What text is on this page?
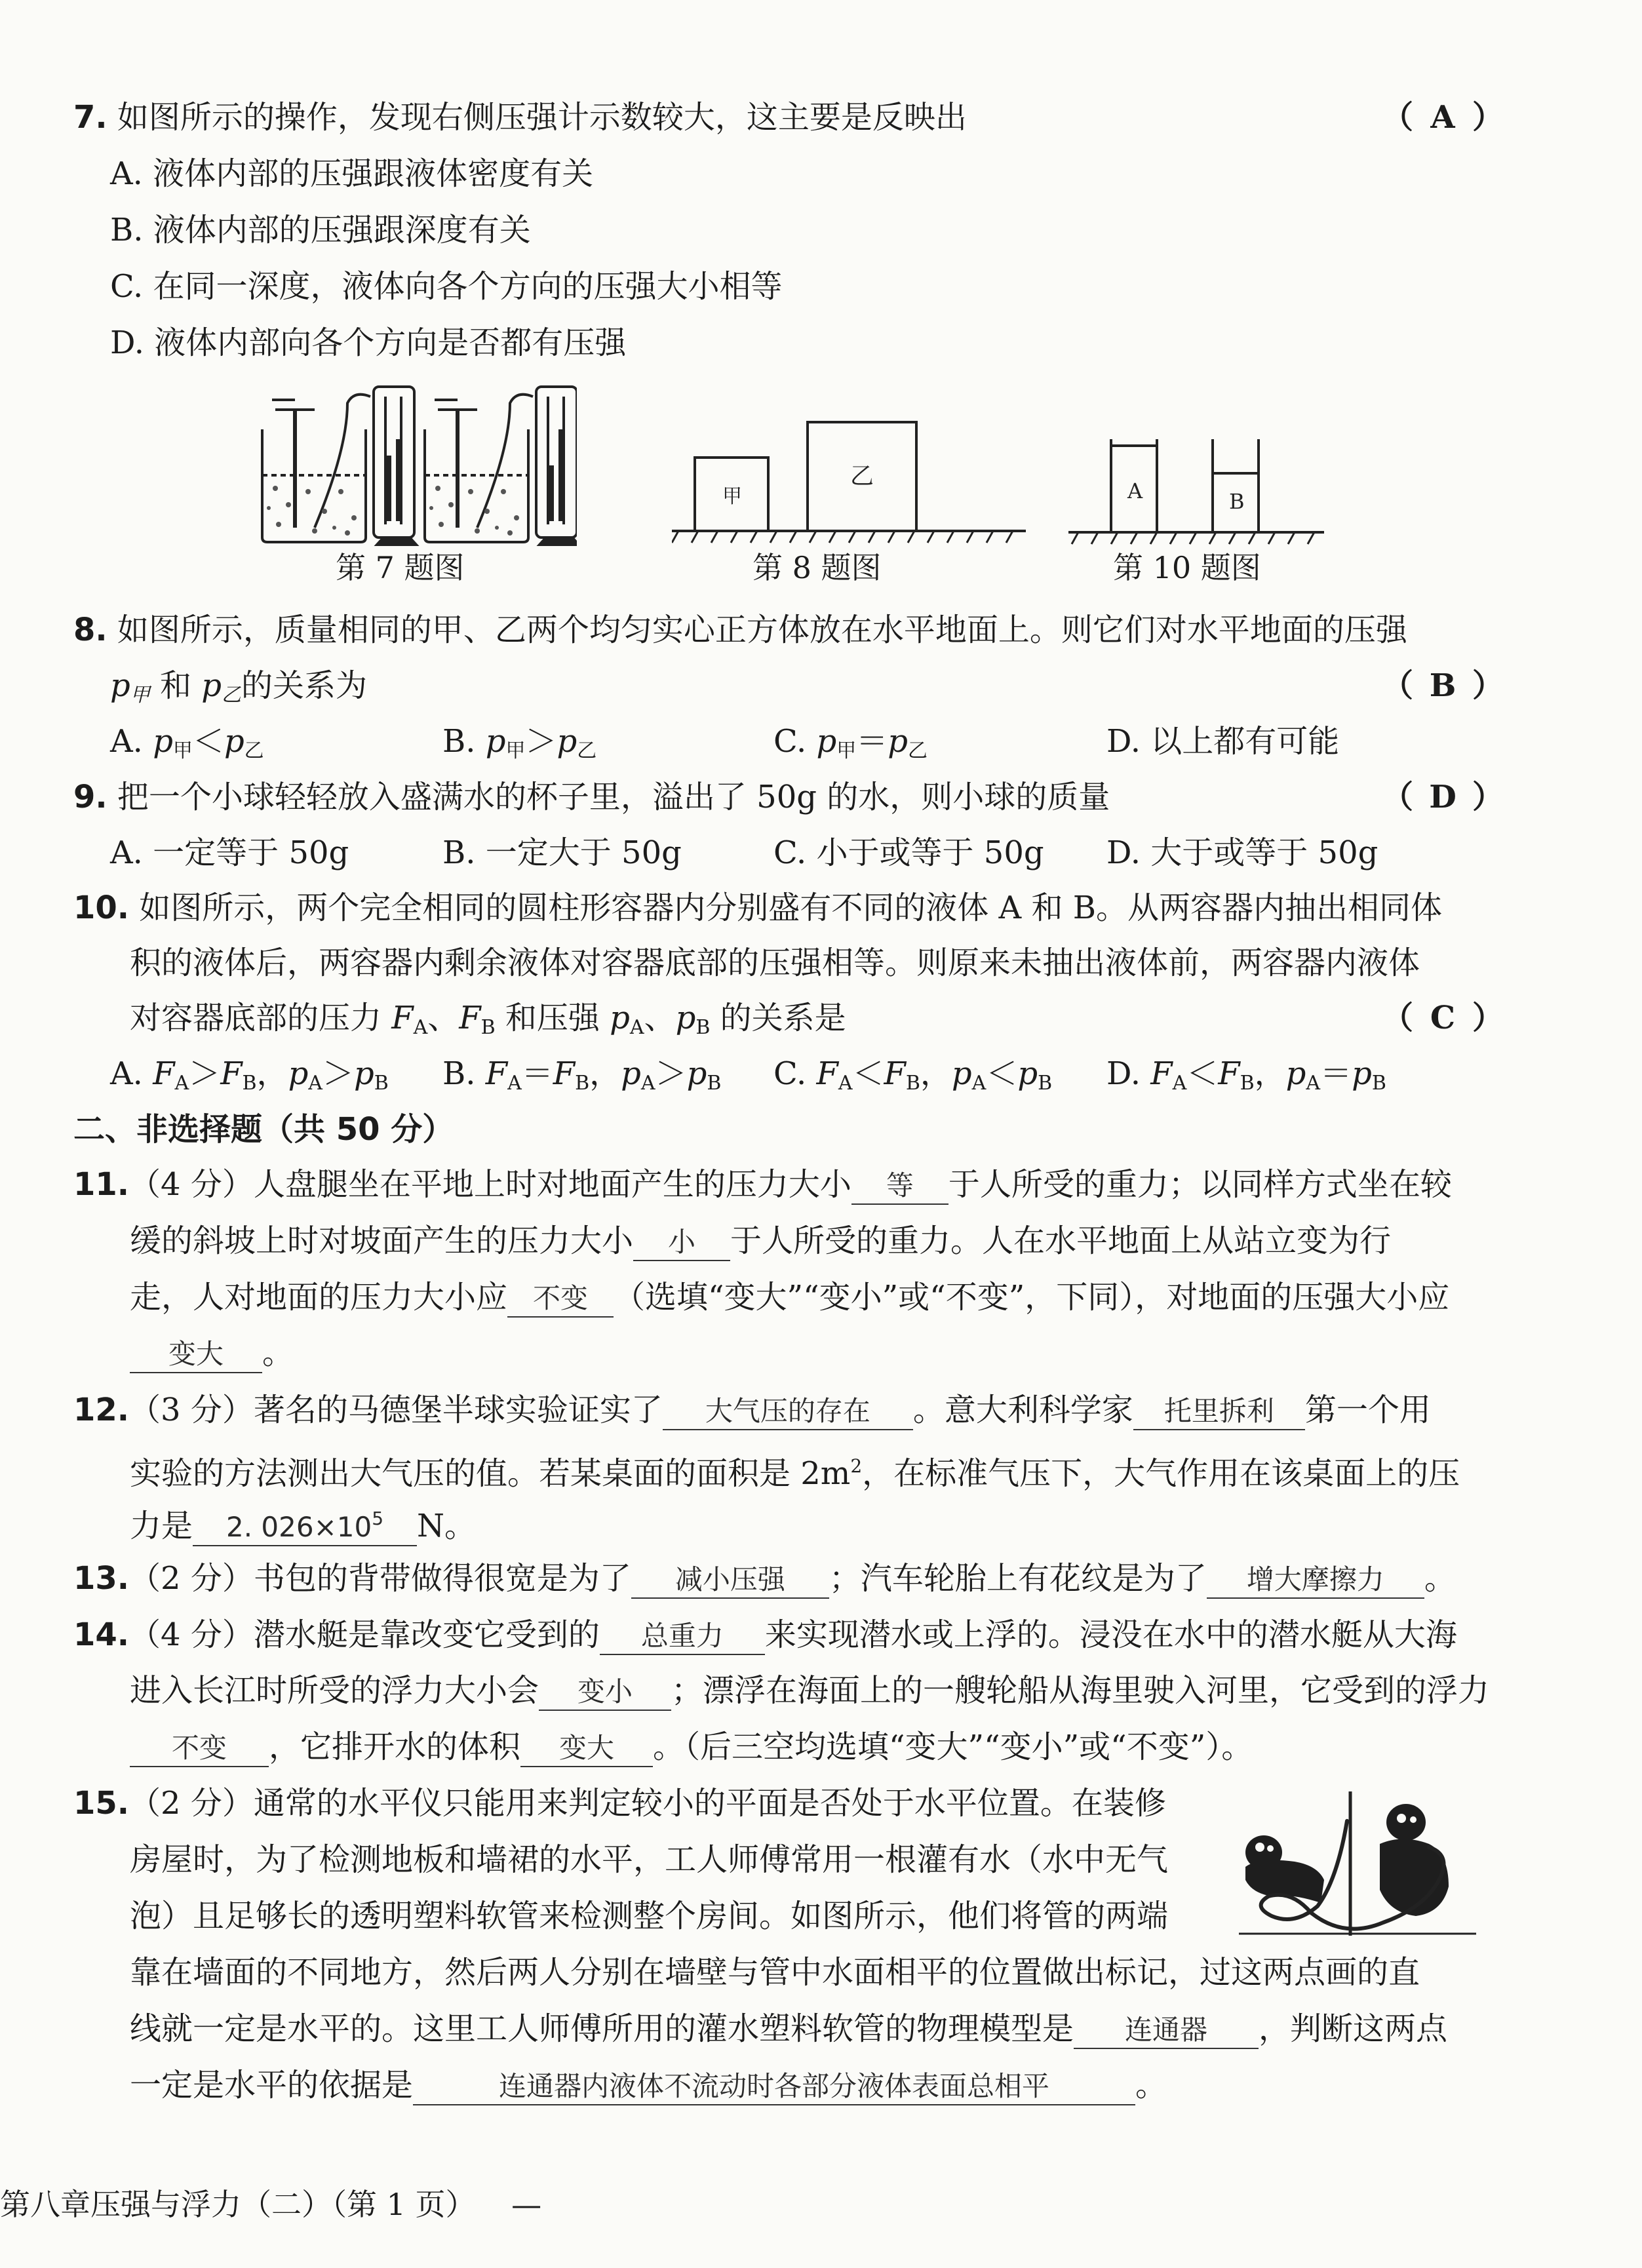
7. 如图所示的操作，发现右侧压强计示数较大，这主要是反映出	（ A ）
A. 液体内部的压强跟液体密度有关
B. 液体内部的压强跟深度有关
C. 在同一深度，液体向各个方向的压强大小相等
D. 液体内部向各个方向是否都有压强
第 7 题图
甲
乙
第 8 题图
A	B
第 10 题图
8. 如图所示，质量相同的甲、乙两个均匀实心正方体放在水平地面上。则它们对水平地面的压强
$p_甲$ 和 $p_乙$的关系为	（ B ）
A. $p_甲<p_乙$	B. $p_甲>p_乙$	C. $p_甲=p_乙$	D. 以上都有可能
9. 把一个小球轻轻放入盛满水的杯子里，溢出了 50g 的水，则小球的质量	（ D ）
A. 一定等于 50g	B. 一定大于 50g	C. 小于或等于 50g D. 大于或等于 50g
10. 如图所示，两个完全相同的圆柱形容器内分别盛有不同的液体 A 和 B。从两容器内抽出相同体
积的液体后，两容器内剩余液体对容器底部的压强相等。则原来未抽出液体前，两容器内液体
对容器底部的压力 $F_A$、$F_B$ 和压强 $p_A$、$p_B$ 的关系是	（ C ）
A. $F_A>F_B$，$p_A>p_B$ B. $F_A=F_B$，$p_A>p_B$ C. $F_A<F_B$，$p_A<p_B$ D. $F_A<F_B$，$p_A=p_B$
二、非选择题（共 50 分）
11.（4 分）人盘腿坐在平地上时对地面产生的压力大小 等 于人所受的重力；以同样方式坐在较
缓的斜坡上时对坡面产生的压力大小 小 于人所受的重力。人在水平地面上从站立变为行
走，人对地面的压力大小应 不变 （选填“变大”“变小”或“不变”，下同），对地面的压强大小应
变大 。
12.（3 分）著名的马德堡半球实验证实了 大气压的存在 。意大利科学家 托里拆利 第一个用
实验的方法测出大气压的值。若某桌面的面积是 $2m^2$，在标准气压下，大气作用在该桌面上的压
力是 2. $026\times 10^5$ N。
13.（2 分）书包的背带做得很宽是为了 减小压强 ；汽车轮胎上有花纹是为了 增大摩擦力 。
14.（4 分）潜水艇是靠改变它受到的 总重力 来实现潜水或上浮的。浸没在水中的潜水艇从大海
进入长江时所受的浮力大小会 变小 ；漂浮在海面上的一艘轮船从海里驶入河里，它受到的浮力
不变 ，它排开水的体积 变大 。（后三空均选填“变大”“变小”或“不变”）。
15.（2 分）通常的水平仪只能用来判定较小的平面是否处于水平位置。在装修
房屋时，为了检测地板和墙裙的水平，工人师傅常用一根灌有水（水中无气
泡）且足够长的透明塑料软管来检测整个房间。如图所示，他们将管的两端
靠在墙面的不同地方，然后两人分别在墙壁与管中水面相平的位置做出标记，过这两点画的直
线就一定是水平的。这里工人师傅所用的灌水塑料软管的物理模型是 连通器 ，判断这两点
一定是水平的依据是	连通器内液体不流动时各部分液体表面总相平	。
第八章压强与浮力（二）（第 1 页） —
